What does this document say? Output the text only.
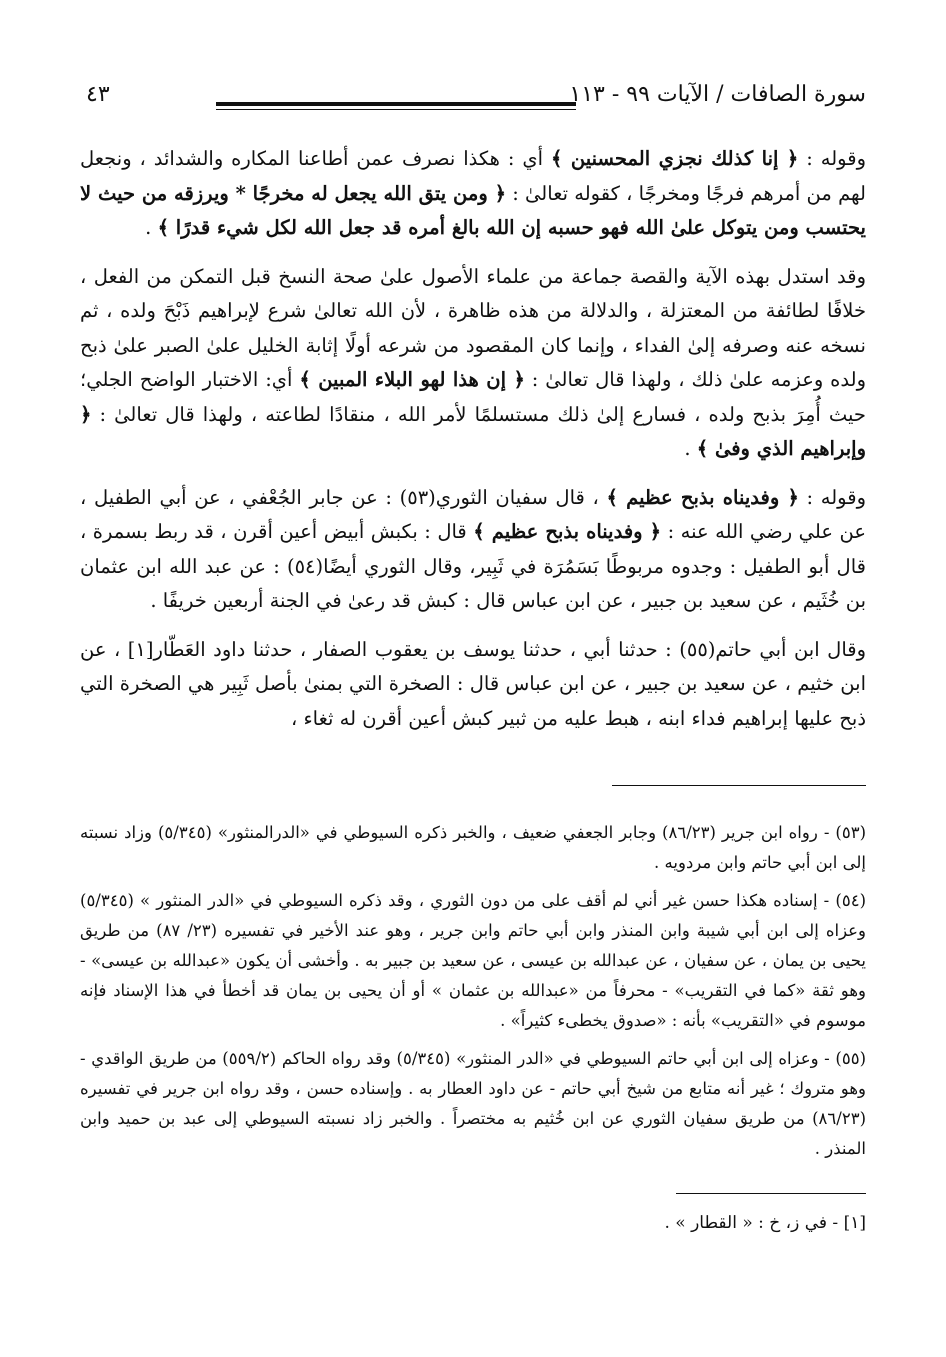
سورة الصافات / الآيات ٩٩ - ١١٣
٤٣

وقوله : ﴿ إنا كذلك نجزي المحسنين ﴾ أي : هكذا نصرف عمن أطاعنا المكاره والشدائد ، ونجعل لهم من أمرهم فرجًا ومخرجًا ، كقوله تعالىٰ : ﴿ ومن يتق الله يجعل له مخرجًا * ويرزقه من حيث لا يحتسب ومن يتوكل علىٰ الله فهو حسبه إن الله بالغ أمره قد جعل الله لكل شيء قدرًا ﴾ .

وقد استدل بهذه الآية والقصة جماعة من علماء الأصول علىٰ صحة النسخ قبل التمكن من الفعل ، خلافًا لطائفة من المعتزلة ، والدلالة من هذه ظاهرة ، لأن الله تعالىٰ شرع لإبراهيم ذَبْحَ ولده ، ثم نسخه عنه وصرفه إلىٰ الفداء ، وإنما كان المقصود من شرعه أولًا إثابة الخليل علىٰ الصبر علىٰ ذبح ولده وعزمه علىٰ ذلك ، ولهذا قال تعالىٰ : ﴿ إن هذا لهو البلاء المبين ﴾ أي: الاختبار الواضح الجلي؛ حيث أُمِرَ بذبح ولده ، فسارع إلىٰ ذلك مستسلمًا لأمر الله ، منقادًا لطاعته ، ولهذا قال تعالىٰ : ﴿ وإبراهيم الذي وفىٰ ﴾ .

وقوله : ﴿ وفديناه بذبح عظيم ﴾ ، قال سفيان الثوري(٥٣) : عن جابر الجُعْفي ، عن أبي الطفيل ، عن علي رضي الله عنه : ﴿ وفديناه بذبح عظيم ﴾ قال : بكبش أبيض أعين أقرن ، قد ربط بسمرة ، قال أبو الطفيل : وجدوه مربوطًا بَسَمُرَة في ثَبِير، وقال الثوري أيضًا(٥٤) : عن عبد الله ابن عثمان بن خُثَيم ، عن سعيد بن جبير ، عن ابن عباس قال : كبش قد رعىٰ في الجنة أربعين خريفًا .

وقال ابن أبي حاتم(٥٥) : حدثنا أبي ، حدثنا يوسف بن يعقوب الصفار ، حدثنا داود العَطّار[١] ، عن ابن خثيم ، عن سعيد بن جبير ، عن ابن عباس قال : الصخرة التي بمنىٰ بأصل ثَبِير هي الصخرة التي ذبح عليها إبراهيم فداء ابنه ، هبط عليه من ثبير كبش أعين أقرن له ثغاء ،

(٥٣) - رواه ابن جرير (٨٦/٢٣) وجابر الجعفي ضعيف ، والخبر ذكره السيوطي في «الدرالمنثور» (٥/٣٤٥) وزاد نسبته إلى ابن أبي حاتم وابن مردويه .

(٥٤) - إسناده هكذا حسن غير أني لم أقف على من دون الثوري ، وقد ذكره السيوطي في «الدر المنثور » (٥/٣٤٥) وعزاه إلى ابن أبي شيبة وابن المنذر وابن أبي حاتم وابن جرير ، وهو عند الأخير في تفسيره (٢٣/ ٨٧) من طريق يحيى بن يمان ، عن سفيان ، عن عبدالله بن عيسى ، عن سعيد بن جبير به . وأخشى أن يكون «عبدالله بن عيسى» - وهو ثقة «كما في التقريب» - محرفاً من «عبدالله بن عثمان » أو أن يحيى بن يمان قد أخطأ في هذا الإسناد فإنه موسوم في «التقريب» بأنه : «صدوق يخطىء كثيراً» .

(٥٥) - وعزاه إلى ابن أبي حاتم السيوطي في «الدر المنثور» (٥/٣٤٥) وقد رواه الحاكم (٥٥٩/٢) من طريق الواقدي - وهو متروك ؛ غير أنه متابع من شيخ أبي حاتم - عن داود العطار به . وإسناده حسن ، وقد رواه ابن جرير في تفسيره (٨٦/٢٣) من طريق سفيان الثوري عن ابن خُثيم به مختصراً . والخبر زاد نسبته السيوطي إلى عبد بن حميد وابن المنذر .

[١] - في ز، خ : « القطار » .
